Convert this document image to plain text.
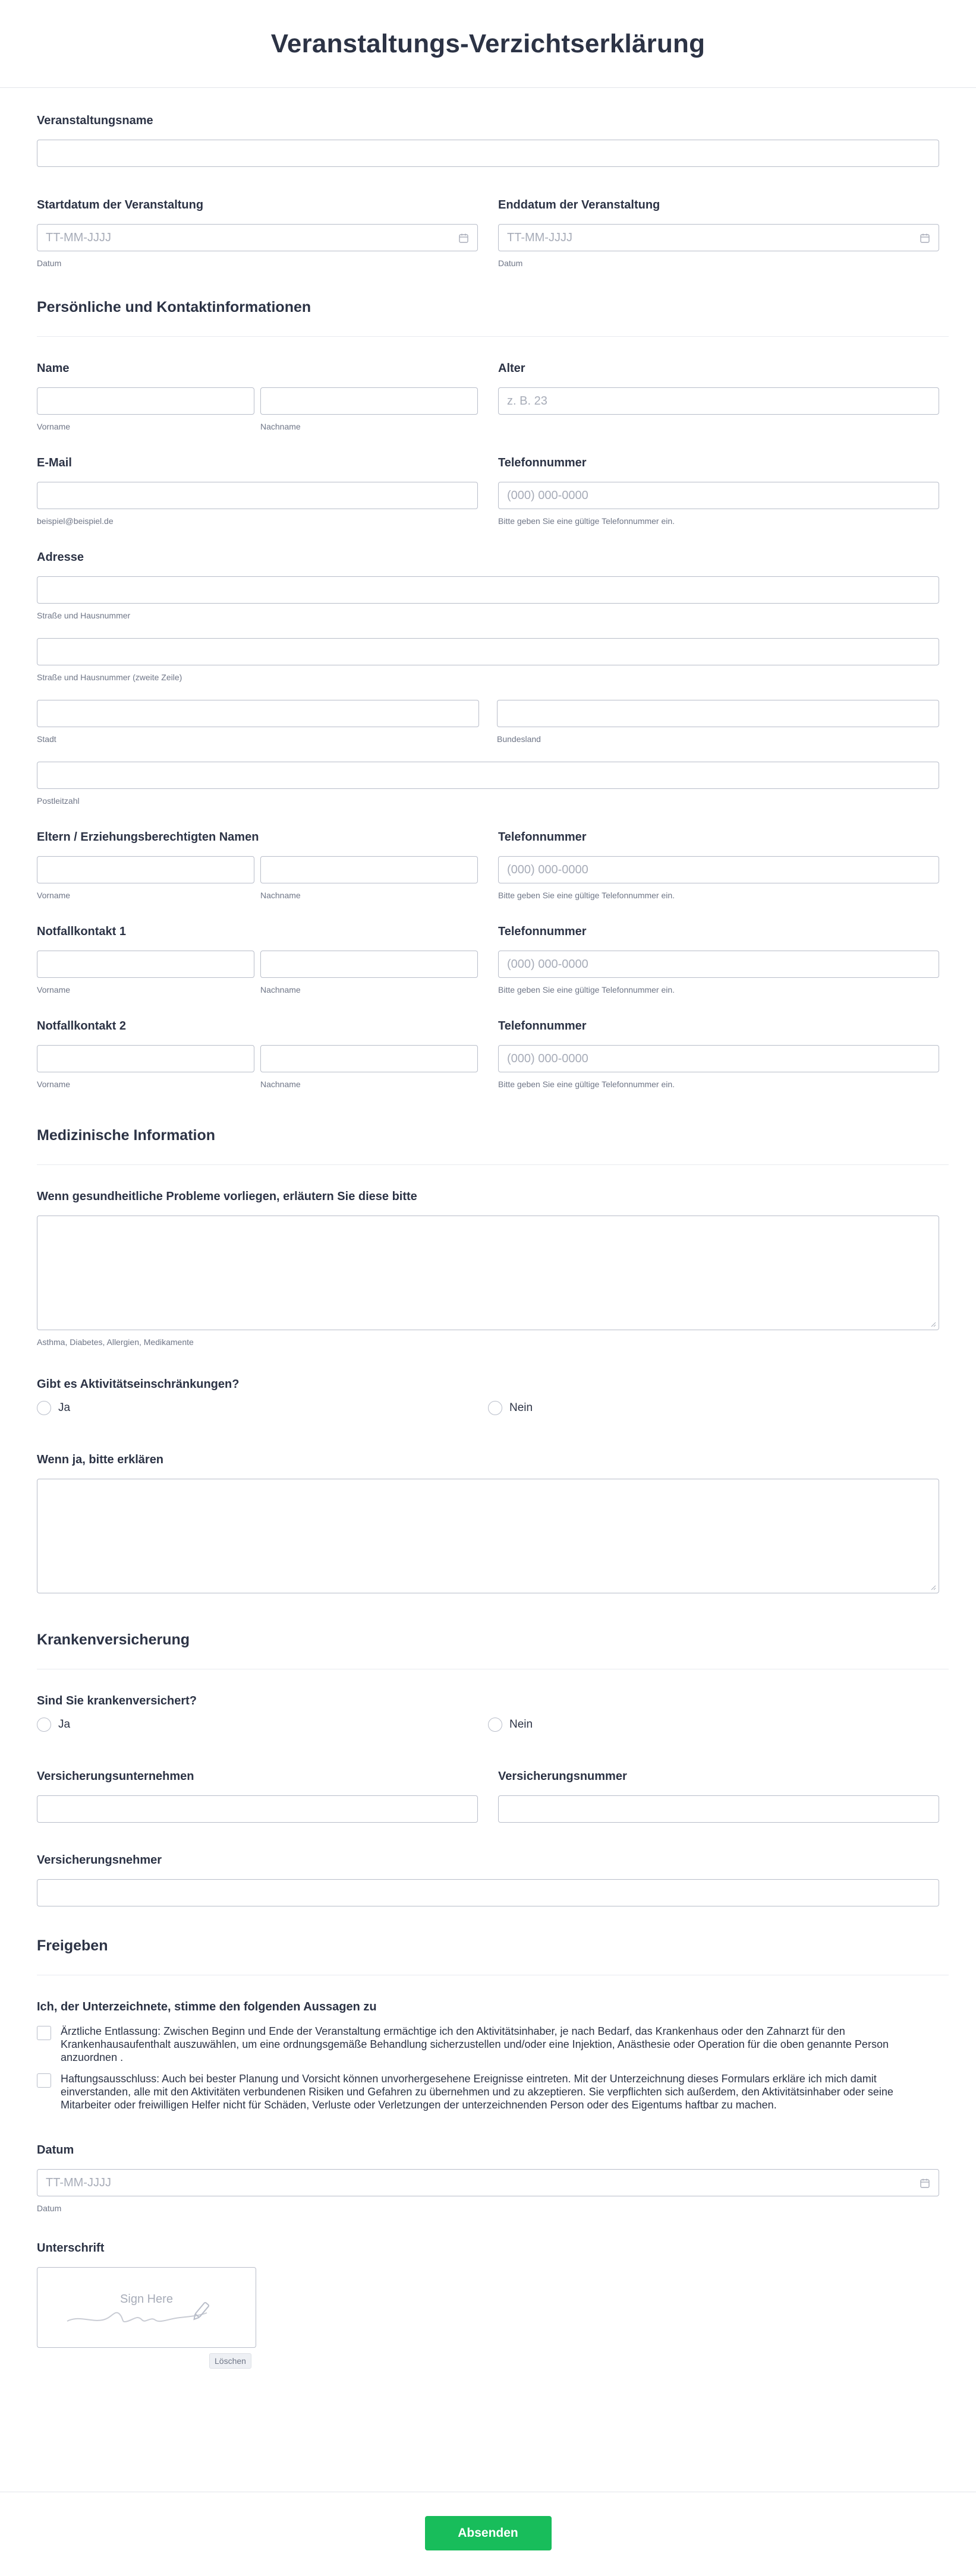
Veranstaltungs-Verzichtserklärung
Veranstaltungsname
Startdatum der Veranstaltung
TT-MM-JJJJ
Datum
Enddatum der Veranstaltung
TT-MM-JJJJ
Datum
Persönliche und Kontaktinformationen
Name
Vorname	Nachname
Alter
z. B. 23
E-Mail
beispiel@beispiel.de
Telefonnummer
(000) 000-0000
Bitte geben Sie eine gültige Telefonnummer ein.
Adresse
Straße und Hausnummer
Straße und Hausnummer (zweite Zeile)
Stadt	Bundesland
Postleitzahl
Eltern / Erziehungsberechtigten Namen
Vorname	Nachname
Telefonnummer
(000) 000-0000
Bitte geben Sie eine gültige Telefonnummer ein.
Notfallkontakt 1
Vorname	Nachname
Telefonnummer
(000) 000-0000
Bitte geben Sie eine gültige Telefonnummer ein.
Notfallkontakt 2
Vorname	Nachname
Telefonnummer
(000) 000-0000
Bitte geben Sie eine gültige Telefonnummer ein.
Medizinische Information
Wenn gesundheitliche Probleme vorliegen, erläutern Sie diese bitte
Asthma, Diabetes, Allergien, Medikamente
Gibt es Aktivitätseinschränkungen?
Ja	Nein
Wenn ja, bitte erklären
Krankenversicherung
Sind Sie krankenversichert?
Ja	Nein
Versicherungsunternehmen	Versicherungsnummer
Versicherungsnehmer
Freigeben
Ich, der Unterzeichnete, stimme den folgenden Aussagen zu
Ärztliche Entlassung: Zwischen Beginn und Ende der Veranstaltung ermächtige ich den Aktivitätsinhaber, je nach Bedarf, das Krankenhaus oder den Zahnarzt für den Krankenhausaufenthalt auszuwählen, um eine ordnungsgemäße Behandlung sicherzustellen und/oder eine Injektion, Anästhesie oder Operation für die oben genannte Person anzuordnen .
Haftungsausschluss: Auch bei bester Planung und Vorsicht können unvorhergesehene Ereignisse eintreten. Mit der Unterzeichnung dieses Formulars erkläre ich mich damit einverstanden, alle mit den Aktivitäten verbundenen Risiken und Gefahren zu übernehmen und zu akzeptieren. Sie verpflichten sich außerdem, den Aktivitätsinhaber oder seine Mitarbeiter oder freiwilligen Helfer nicht für Schäden, Verluste oder Verletzungen der unterzeichnenden Person oder des Eigentums haftbar zu machen.
Datum
TT-MM-JJJJ
Datum
Unterschrift
Sign Here
Löschen
Absenden
